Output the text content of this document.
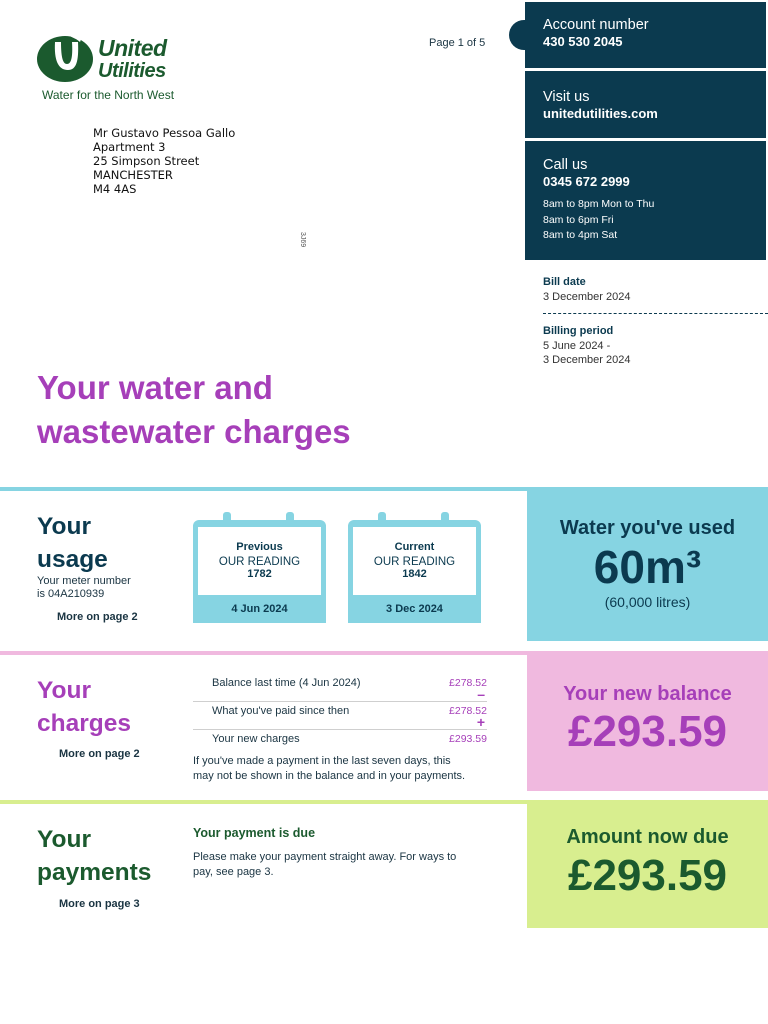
United
Utilities
Water for the North West
Page 1 of 5
Mr Gustavo Pessoa Gallo
Apartment 3
25 Simpson Street
MANCHESTER
M4 4AS
3J69
Account number
430 530 2045
Visit us
unitedutilities.com
Call us
0345 672 2999
8am to 8pm Mon to Thu
8am to 6pm Fri
8am to 4pm Sat
Bill date
3 December 2024
Billing period
5 June 2024 -
3 December 2024
Your water and
wastewater charges
Your
usage
Your meter number
is 04A210939
More on page 2
Previous
OUR READING
1782
4 Jun 2024
Current
OUR READING
1842
3 Dec 2024
Water you've used
60m³
(60,000 litres)
Your
charges
More on page 2
Balance last time (4 Jun 2024)	£278.52
–
What you've paid since then	£278.52
+
Your new charges	£293.59
If you've made a payment in the last seven days, this
may not be shown in the balance and in your payments.
Your new balance
£293.59
Your
payments
More on page 3
Your payment is due
Please make your payment straight away. For ways to
pay, see page 3.
Amount now due
£293.59
